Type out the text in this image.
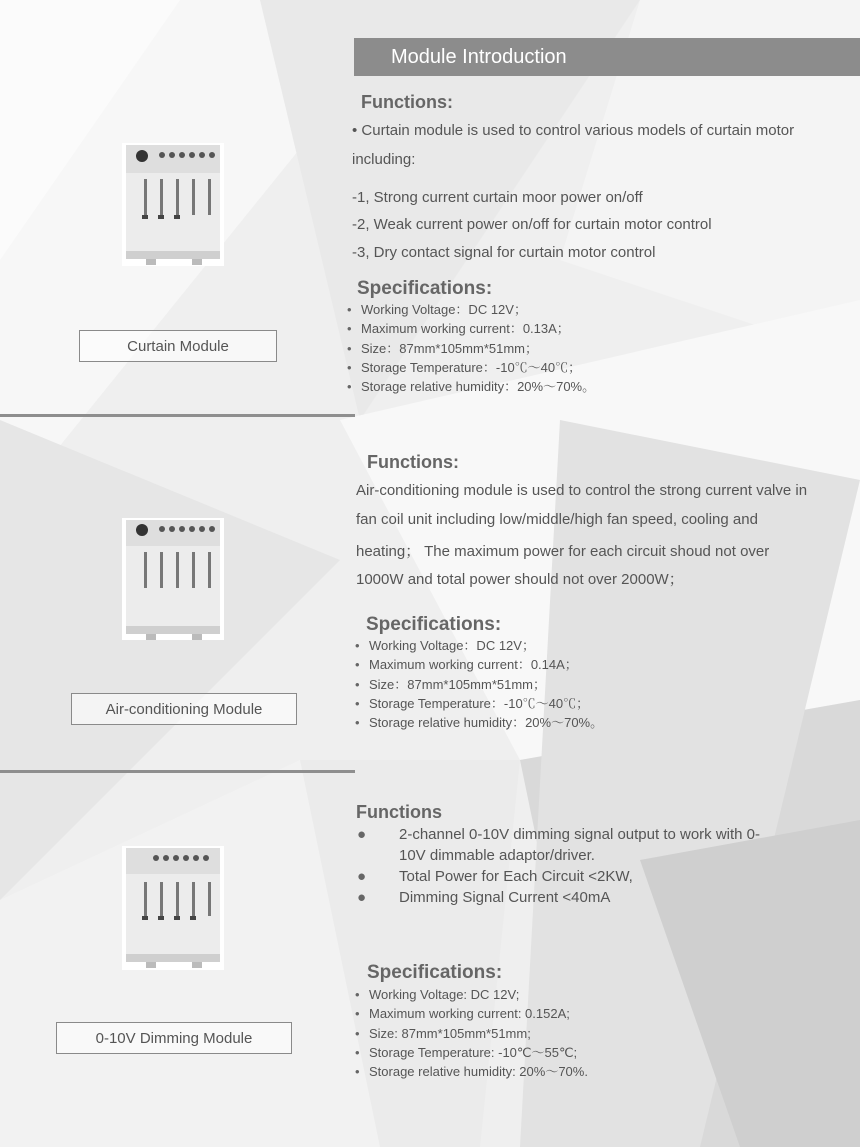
Module Introduction
Curtain Module
Functions:
• Curtain module is used to control various models of curtain motor
including:
-1, Strong current curtain moor power on/off
-2, Weak current power on/off for curtain motor control
-3, Dry contact signal for curtain motor control
Specifications:
• Working Voltage：DC 12V；
• Maximum working current：0.13A；
• Size：87mm*105mm*51mm；
• Storage Temperature：-10℃～40℃；
• Storage relative humidity：20%～70%。
Air-conditioning Module
Functions:
Air-conditioning module is used to control the strong current valve in
fan coil unit including low/middle/high fan speed, cooling and
heating； The maximum power for each circuit shoud not over
1000W and total power should not over 2000W；
Specifications:
• Working Voltage：DC 12V；
• Maximum working current：0.14A；
• Size：87mm*105mm*51mm；
• Storage Temperature：-10℃～40℃；
• Storage relative humidity：20%～70%。
0-10V Dimming Module
Functions
● 2-channel 0-10V dimming signal output to work with 0-
10V dimmable adaptor/driver.
●	Total Power for Each Circuit <2KW,
●	Dimming Signal Current <40mA
Specifications:
• Working Voltage: DC 12V;
• Maximum working current: 0.152A;
• Size: 87mm*105mm*51mm;
• Storage Temperature: -10℃～55℃;
• Storage relative humidity: 20%～70%.
